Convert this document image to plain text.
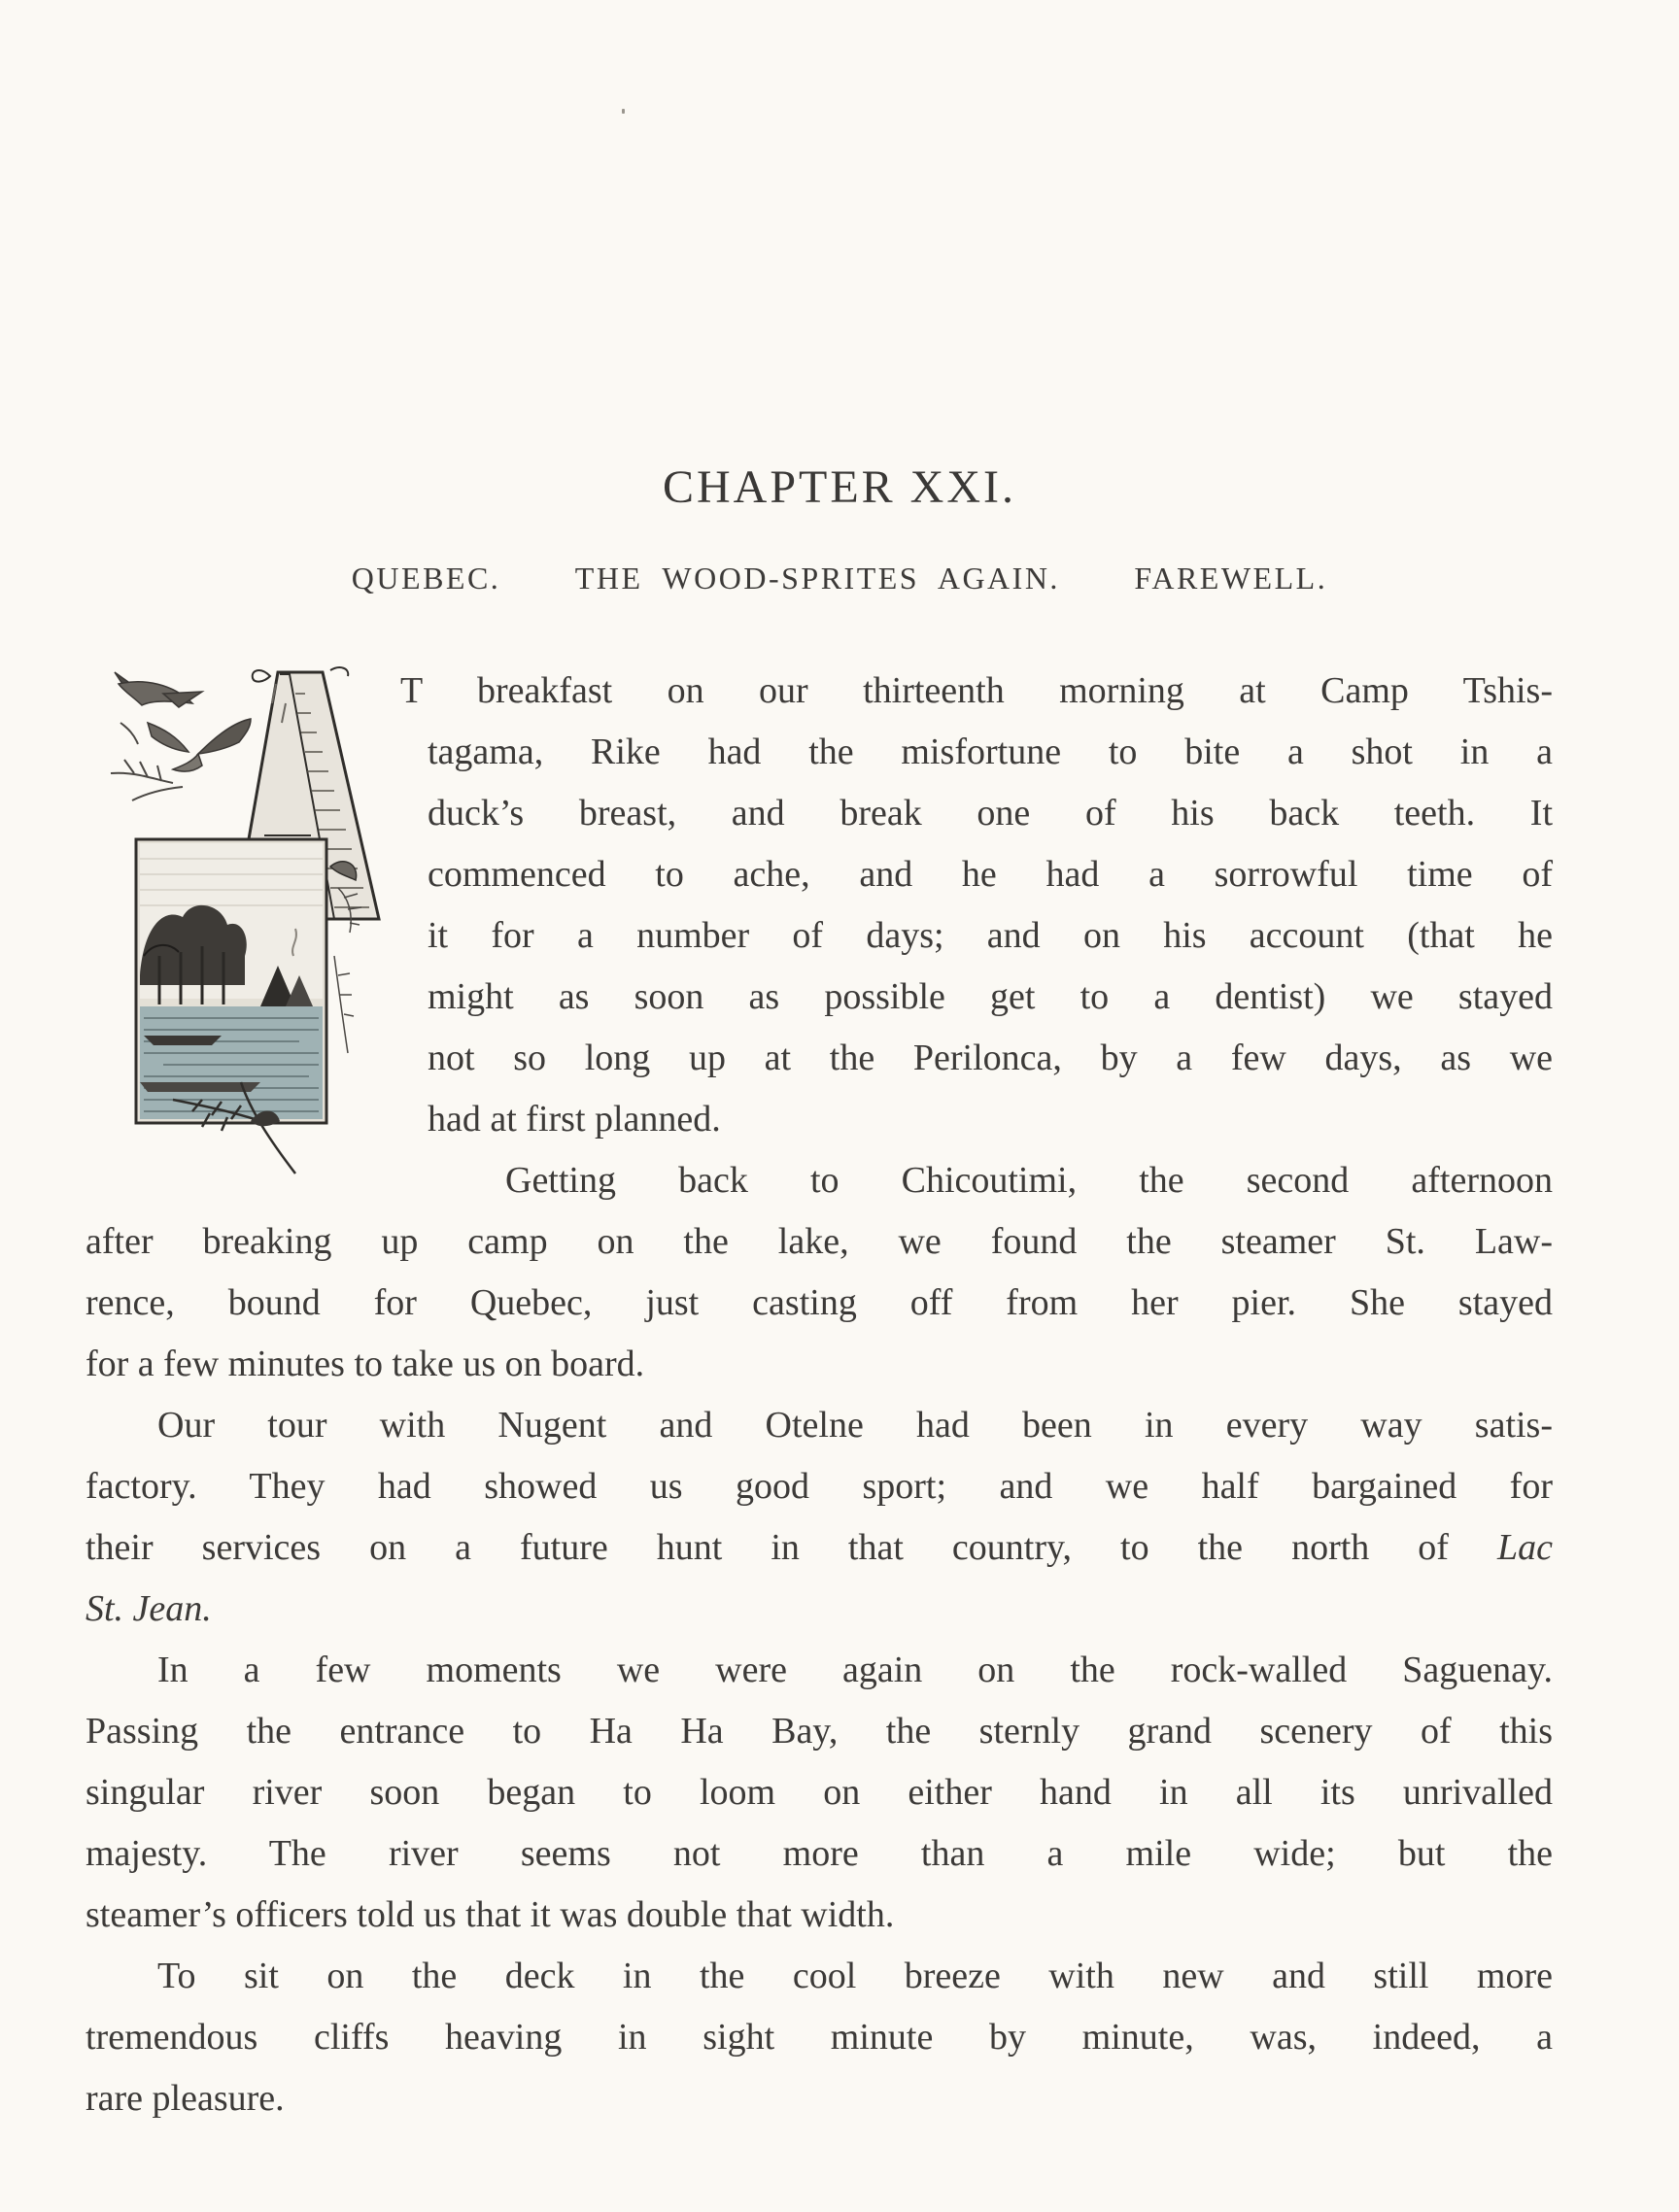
CHAPTER XXI.
QUEBEC. THE WOOD-SPRITES AGAIN. FAREWELL.
T breakfast on our thirteenth morning at Camp Tshis-
tagama, Rike had the misfortune to bite a shot in a
duck’s breast, and break one of his back teeth. It
commenced to ache, and he had a sorrowful time of
it for a number of days; and on his account (that he
might as soon as possible get to a dentist) we stayed
not so long up at the Perilonca, by a few days, as we
had at first planned.
Getting back to Chicoutimi, the second afternoon
after breaking up camp on the lake, we found the steamer St. Law-
rence, bound for Quebec, just casting off from her pier. She stayed
for a few minutes to take us on board.
Our tour with Nugent and Otelne had been in every way satis-
factory. They had showed us good sport; and we half bargained for
their services on a future hunt in that country, to the north of Lac
St. Jean.
In a few moments we were again on the rock-walled Saguenay.
Passing the entrance to Ha Ha Bay, the sternly grand scenery of this
singular river soon began to loom on either hand in all its unrivalled
majesty. The river seems not more than a mile wide; but the
steamer’s officers told us that it was double that width.
To sit on the deck in the cool breeze with new and still more
tremendous cliffs heaving in sight minute by minute, was, indeed, a
rare pleasure.
